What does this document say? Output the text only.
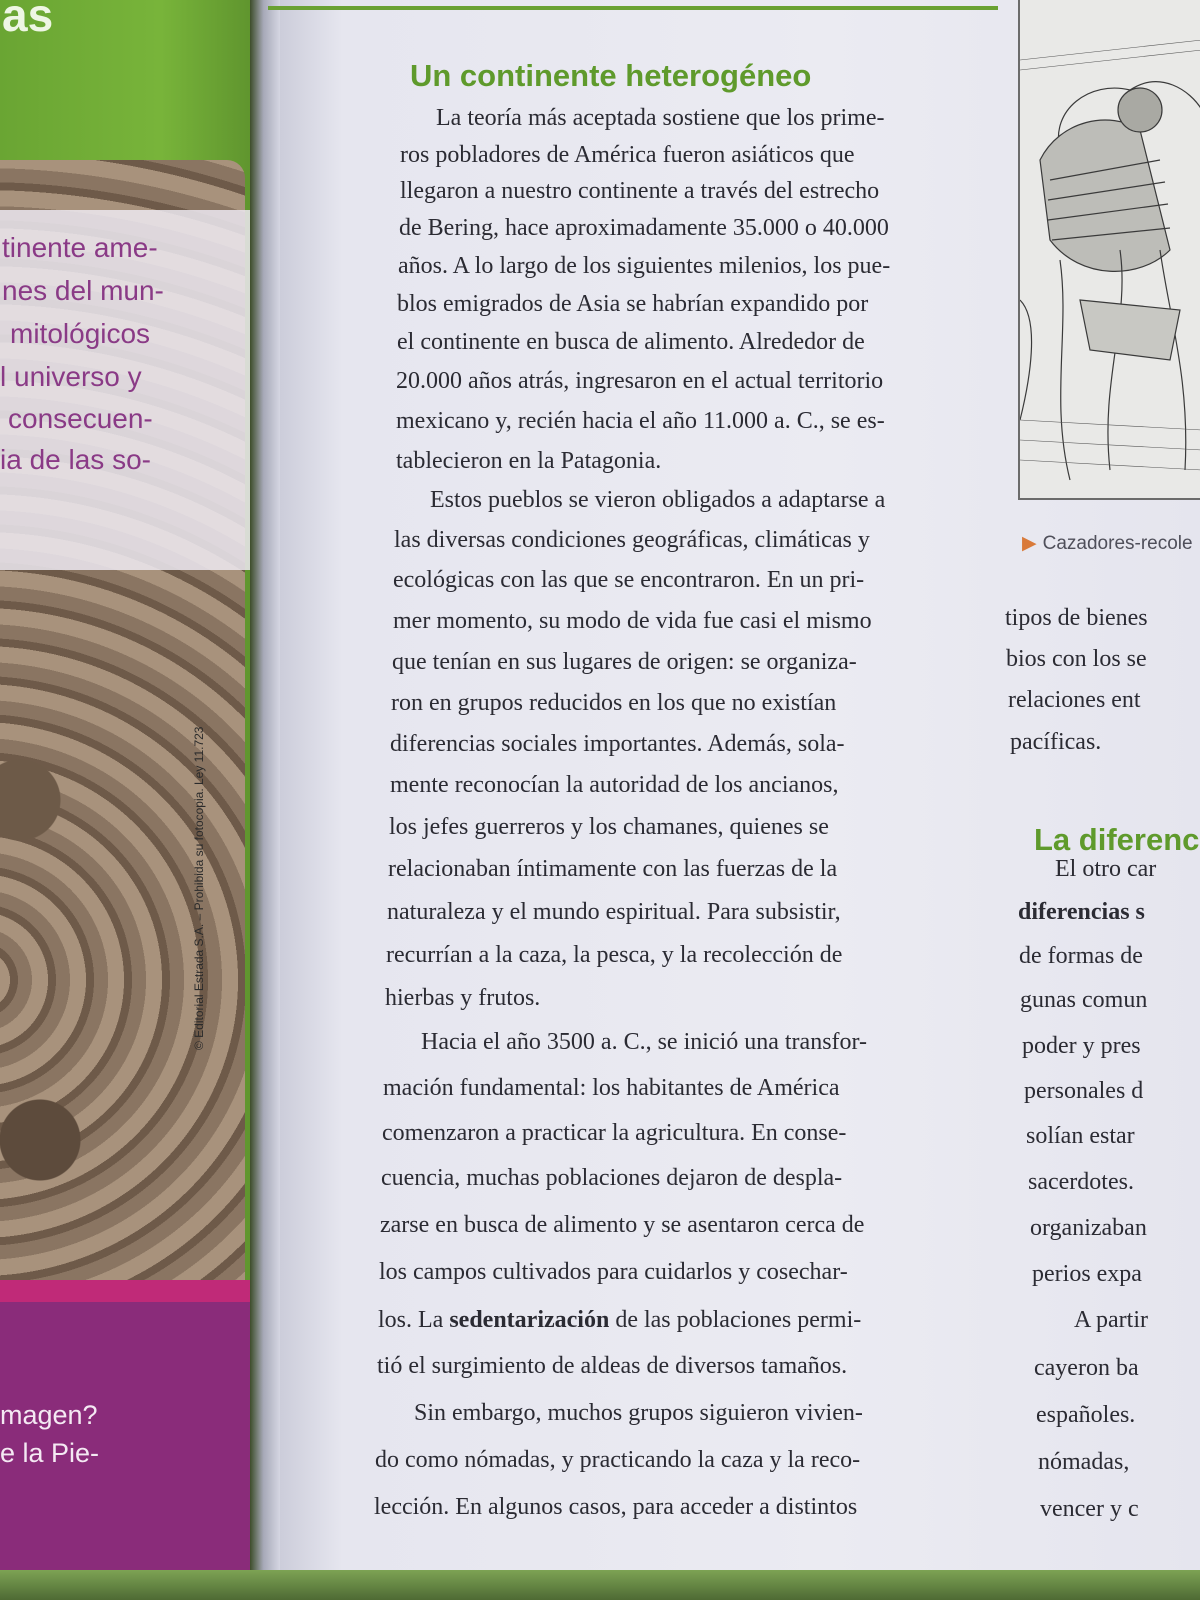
as
tinente ame-
nes del mun-
mitológicos
l universo y
consecuen-
ia de las so-
magen?
e la Pie-
© Editorial Estrada S.A. – Prohibida su fotocopia. Ley 11.723
Un continente heterogéneo
La teoría más aceptada sostiene que los prime-
ros pobladores de América fueron asiáticos que
llegaron a nuestro continente a través del estrecho
de Bering, hace aproximadamente 35.000 o 40.000
años. A lo largo de los siguientes milenios, los pue-
blos emigrados de Asia se habrían expandido por
el continente en busca de alimento. Alrededor de
20.000 años atrás, ingresaron en el actual territorio
mexicano y, recién hacia el año 11.000 a. C., se es-
tablecieron en la Patagonia.
Estos pueblos se vieron obligados a adaptarse a
las diversas condiciones geográficas, climáticas y
ecológicas con las que se encontraron. En un pri-
mer momento, su modo de vida fue casi el mismo
que tenían en sus lugares de origen: se organiza-
ron en grupos reducidos en los que no existían
diferencias sociales importantes. Además, sola-
mente reconocían la autoridad de los ancianos,
los jefes guerreros y los chamanes, quienes se
relacionaban íntimamente con las fuerzas de la
naturaleza y el mundo espiritual. Para subsistir,
recurrían a la caza, la pesca, y la recolección de
hierbas y frutos.
Hacia el año 3500 a. C., se inició una transfor-
mación fundamental: los habitantes de América
comenzaron a practicar la agricultura. En conse-
cuencia, muchas poblaciones dejaron de despla-
zarse en busca de alimento y se asentaron cerca de
los campos cultivados para cuidarlos y cosechar-
los. La sedentarización de las poblaciones permi-
tió el surgimiento de aldeas de diversos tamaños.
Sin embargo, muchos grupos siguieron vivien-
do como nómadas, y practicando la caza y la reco-
lección. En algunos casos, para acceder a distintos
▶ Cazadores-recole
tipos de bienes
bios con los se
relaciones ent
pacíficas.
La diferenc
El otro car
diferencias s
de formas de
gunas comun
poder y pres
personales d
solían estar
sacerdotes.
organizaban
perios expa
A partir
cayeron ba
españoles.
nómadas,
vencer y c
